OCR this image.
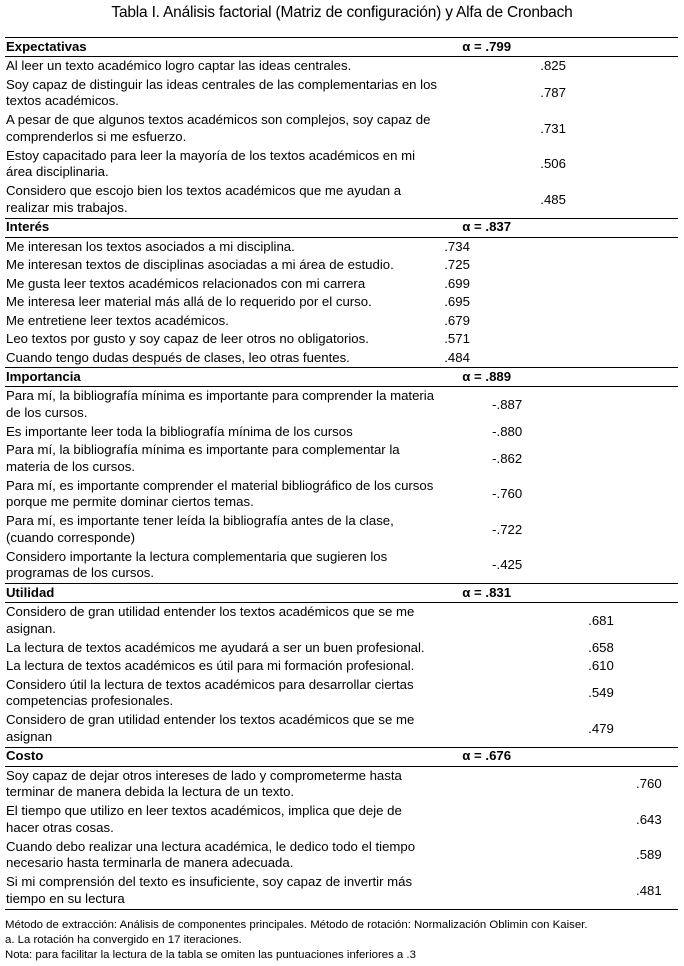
Tabla I. Análisis factorial (Matriz de configuración) y Alfa de Cronbach
Expectativas	α = .799				
Al leer un texto académico logro captar las ideas centrales.			.825		
Soy capaz de distinguir las ideas centrales de las complementarias en los textos académicos.			.787		
A pesar de que algunos textos académicos son complejos, soy capaz de comprenderlos si me esfuerzo.			.731		
Estoy capacitado para leer la mayoría de los textos académicos en mi área disciplinaria.			.506		
Considero que escojo bien los textos académicos que me ayudan a realizar mis trabajos.			.485		
Interés	α = .837				
Me interesan los textos asociados a mi disciplina.	.734				
Me interesan textos de disciplinas asociadas a mi área de estudio.	.725				
Me gusta leer textos académicos relacionados con mi carrera	.699				
Me interesa leer material más allá de lo requerido por el curso.	.695				
Me entretiene leer textos académicos.	.679				
Leo textos por gusto y soy capaz de leer otros no obligatorios.	.571				
Cuando tengo dudas después de clases, leo otras fuentes.	.484				
Importancia	α = .889				
Para mí, la bibliografía mínima es importante para comprender la materia de los cursos.		-.887			
Es importante leer toda la bibliografía mínima de los cursos		-.880			
Para mí, la bibliografía mínima es importante para complementar la materia de los cursos.		-.862			
Para mí, es importante comprender el material bibliográfico de los cursos porque me permite dominar ciertos temas.		-.760			
Para mí, es importante tener leída la bibliografía antes de la clase, (cuando corresponde)		-.722			
Considero importante la lectura complementaria que sugieren los programas de los cursos.		-.425			
Utilidad	α = .831				
Considero de gran utilidad entender los textos académicos que se me asignan.				.681	
La lectura de textos académicos me ayudará a ser un buen profesional.				.658	
La lectura de textos académicos es útil para mi formación profesional.				.610	
Considero útil la lectura de textos académicos para desarrollar ciertas competencias profesionales.				.549	
Considero de gran utilidad entender los textos académicos que se me asignan				.479	
Costo	α = .676				
Soy capaz de dejar otros intereses de lado y comprometerme hasta terminar de manera debida la lectura de un texto.					.760
El tiempo que utilizo en leer textos académicos, implica que deje de hacer otras cosas.					.643
Cuando debo realizar una lectura académica, le dedico todo el tiempo necesario hasta terminarla de manera adecuada.					.589
Si mi comprensión del texto es insuficiente, soy capaz de invertir más tiempo en su lectura					.481
Método de extracción: Análisis de componentes principales. Método de rotación: Normalización Oblimin con Kaiser.
a. La rotación ha convergido en 17 iteraciones.
Nota: para facilitar la lectura de la tabla se omiten las puntuaciones inferiores a .3
